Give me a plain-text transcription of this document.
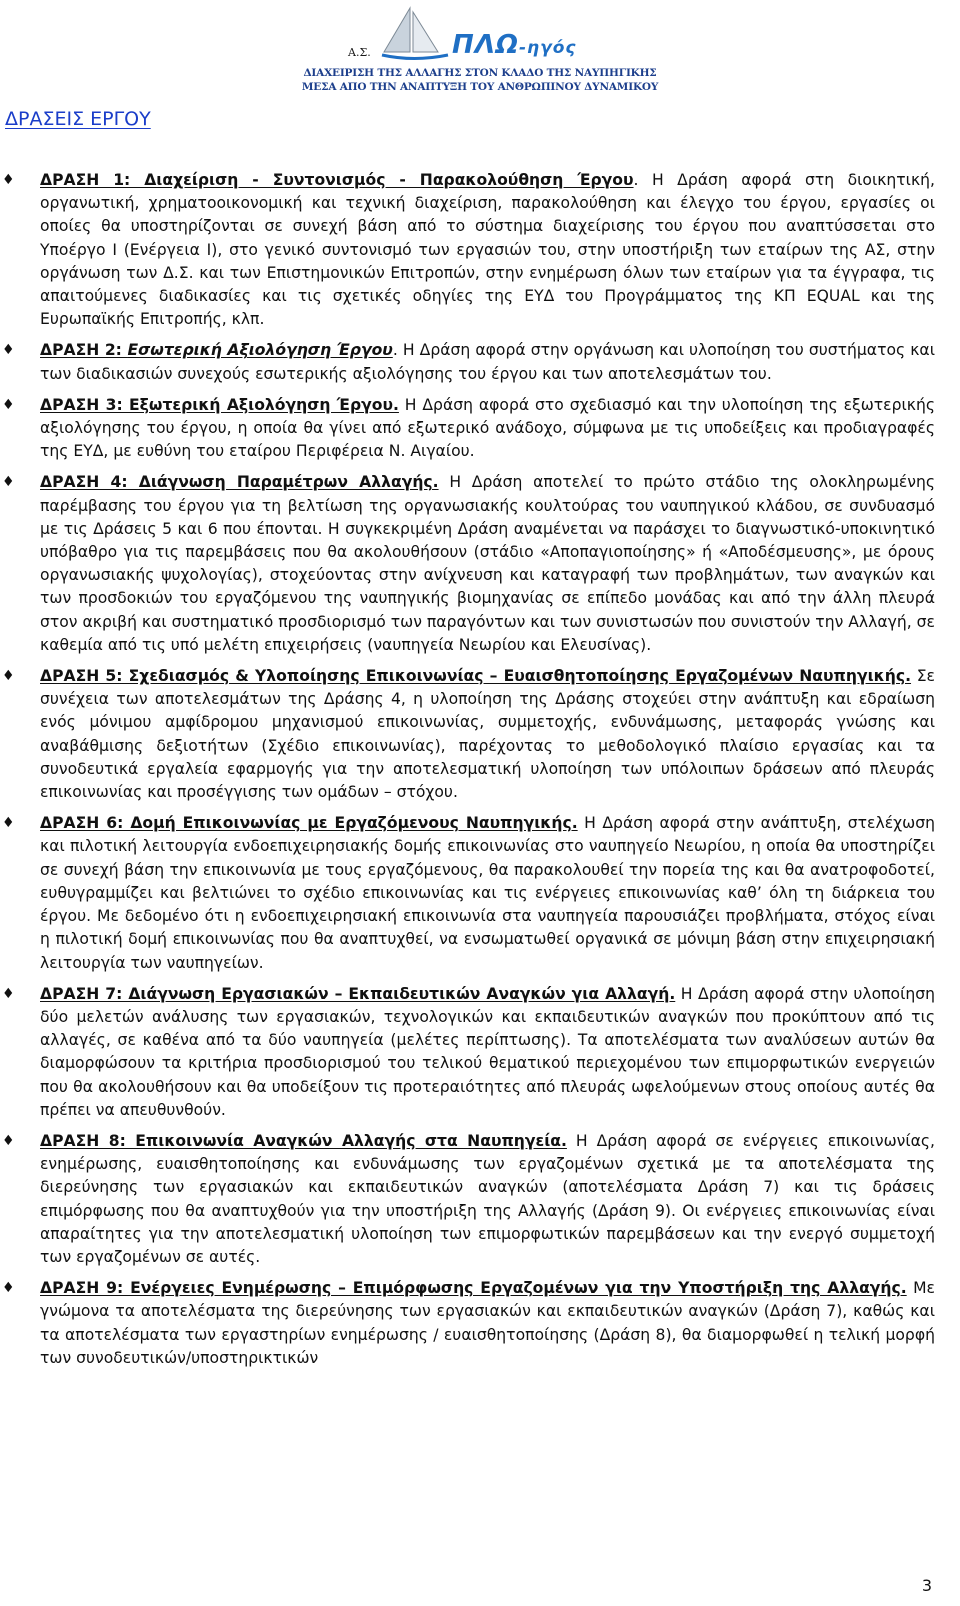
Α.Σ.	ΠΛΩ-ηγός
ΔΙΑΧΕΙΡΙΣΗ ΤΗΣ ΑΛΛΑΓΗΣ ΣΤΟΝ ΚΛΑΔΟ ΤΗΣ ΝΑΥΠΗΓΙΚΗΣ
ΜΕΣΑ ΑΠΟ ΤΗΝ ΑΝΑΠΤΥΞΗ ΤΟΥ ΑΝΘΡΩΠΙΝΟΥ ΔΥΝΑΜΙΚΟΥ
ΔΡΑΣΕΙΣ ΕΡΓΟΥ
♦ ΔΡΑΣΗ 1: Διαχείριση - Συντονισμός - Παρακολούθηση Έργου. Η Δράση αφορά στη διοικητική, οργανωτική, χρηματοοικονομική και τεχνική διαχείριση, παρακολούθηση και έλεγχο του έργου, εργασίες οι οποίες θα υποστηρίζονται σε συνεχή βάση από το σύστημα διαχείρισης του έργου που αναπτύσσεται στο Υποέργο Ι (Ενέργεια Ι), στο γενικό συντονισμό των εργασιών του, στην υποστήριξη των εταίρων της ΑΣ, στην οργάνωση των Δ.Σ. και των Επιστημονικών Επιτροπών, στην ενημέρωση όλων των εταίρων για τα έγγραφα, τις απαιτούμενες διαδικασίες και τις σχετικές οδηγίες της ΕΥΔ του Προγράμματος της ΚΠ EQUAL και της Ευρωπαϊκής Επιτροπής, κλπ.
♦ ΔΡΑΣΗ 2: Εσωτερική Αξιολόγηση Έργου. Η Δράση αφορά στην οργάνωση και υλοποίηση του συστήματος και των διαδικασιών συνεχούς εσωτερικής αξιολόγησης του έργου και των αποτελεσμάτων του.
♦ ΔΡΑΣΗ 3: Εξωτερική Αξιολόγηση Έργου. Η Δράση αφορά στο σχεδιασμό και την υλοποίηση της εξωτερικής αξιολόγησης του έργου, η οποία θα γίνει από εξωτερικό ανάδοχο, σύμφωνα με τις υποδείξεις και προδιαγραφές της ΕΥΔ, με ευθύνη του εταίρου Περιφέρεια Ν. Αιγαίου.
♦ ΔΡΑΣΗ 4: Διάγνωση Παραμέτρων Αλλαγής. Η Δράση αποτελεί το πρώτο στάδιο της ολοκληρωμένης παρέμβασης του έργου για τη βελτίωση της οργανωσιακής κουλτούρας του ναυπηγικού κλάδου, σε συνδυασμό με τις Δράσεις 5 και 6 που έπονται. Η συγκεκριμένη Δράση αναμένεται να παράσχει το διαγνωστικό-υποκινητικό υπόβαθρο για τις παρεμβάσεις που θα ακολουθήσουν (στάδιο «Αποπαγιοποίησης» ή «Αποδέσμευσης», με όρους οργανωσιακής ψυχολογίας), στοχεύοντας στην ανίχνευση και καταγραφή των προβλημάτων, των αναγκών και των προσδοκιών του εργαζόμενου της ναυπηγικής βιομηχανίας σε επίπεδο μονάδας και από την άλλη πλευρά στον ακριβή και συστηματικό προσδιορισμό των παραγόντων και των συνιστωσών που συνιστούν την Αλλαγή, σε καθεμία από τις υπό μελέτη επιχειρήσεις (ναυπηγεία Νεωρίου και Ελευσίνας).
♦ ΔΡΑΣΗ 5: Σχεδιασμός & Υλοποίησης Επικοινωνίας – Ευαισθητοποίησης Εργαζομένων Ναυπηγικής. Σε συνέχεια των αποτελεσμάτων της Δράσης 4, η υλοποίηση της Δράσης στοχεύει στην ανάπτυξη και εδραίωση ενός μόνιμου αμφίδρομου μηχανισμού επικοινωνίας, συμμετοχής, ενδυνάμωσης, μεταφοράς γνώσης και αναβάθμισης δεξιοτήτων (Σχέδιο επικοινωνίας), παρέχοντας το μεθοδολογικό πλαίσιο εργασίας και τα συνοδευτικά εργαλεία εφαρμογής για την αποτελεσματική υλοποίηση των υπόλοιπων δράσεων από πλευράς επικοινωνίας και προσέγγισης των ομάδων – στόχου.
♦ ΔΡΑΣΗ 6: Δομή Επικοινωνίας με Εργαζόμενους Ναυπηγικής. Η Δράση αφορά στην ανάπτυξη, στελέχωση και πιλοτική λειτουργία ενδοεπιχειρησιακής δομής επικοινωνίας στο ναυπηγείο Νεωρίου, η οποία θα υποστηρίζει σε συνεχή βάση την επικοινωνία με τους εργαζόμενους, θα παρακολουθεί την πορεία της και θα ανατροφοδοτεί, ευθυγραμμίζει και βελτιώνει το σχέδιο επικοινωνίας και τις ενέργειες επικοινωνίας καθ’ όλη τη διάρκεια του έργου. Με δεδομένο ότι η ενδοεπιχειρησιακή επικοινωνία στα ναυπηγεία παρουσιάζει προβλήματα, στόχος είναι η πιλοτική δομή επικοινωνίας που θα αναπτυχθεί, να ενσωματωθεί οργανικά σε μόνιμη βάση στην επιχειρησιακή λειτουργία των ναυπηγείων.
♦ ΔΡΑΣΗ 7: Διάγνωση Εργασιακών – Εκπαιδευτικών Αναγκών για Αλλαγή. Η Δράση αφορά στην υλοποίηση δύο μελετών ανάλυσης των εργασιακών, τεχνολογικών και εκπαιδευτικών αναγκών που προκύπτουν από τις αλλαγές, σε καθένα από τα δύο ναυπηγεία (μελέτες περίπτωσης). Τα αποτελέσματα των αναλύσεων αυτών θα διαμορφώσουν τα κριτήρια προσδιορισμού του τελικού θεματικού περιεχομένου των επιμορφωτικών ενεργειών που θα ακολουθήσουν και θα υποδείξουν τις προτεραιότητες από πλευράς ωφελούμενων στους οποίους αυτές θα πρέπει να απευθυνθούν.
♦ ΔΡΑΣΗ 8: Επικοινωνία Αναγκών Αλλαγής στα Ναυπηγεία. Η Δράση αφορά σε ενέργειες επικοινωνίας, ενημέρωσης, ευαισθητοποίησης και ενδυνάμωσης των εργαζομένων σχετικά με τα αποτελέσματα της διερεύνησης των εργασιακών και εκπαιδευτικών αναγκών (αποτελέσματα Δράση 7) και τις δράσεις επιμόρφωσης που θα αναπτυχθούν για την υποστήριξη της Αλλαγής (Δράση 9). Οι ενέργειες επικοινωνίας είναι απαραίτητες για την αποτελεσματική υλοποίηση των επιμορφωτικών παρεμβάσεων και την ενεργό συμμετοχή των εργαζομένων σε αυτές.
♦ ΔΡΑΣΗ 9: Ενέργειες Ενημέρωσης – Επιμόρφωσης Εργαζομένων για την Υποστήριξη της Αλλαγής. Με γνώμονα τα αποτελέσματα της διερεύνησης των εργασιακών και εκπαιδευτικών αναγκών (Δράση 7), καθώς και τα αποτελέσματα των εργαστηρίων ενημέρωσης / ευαισθητοποίησης (Δράση 8), θα διαμορφωθεί η τελική μορφή των συνοδευτικών/υποστηρικτικών
3
